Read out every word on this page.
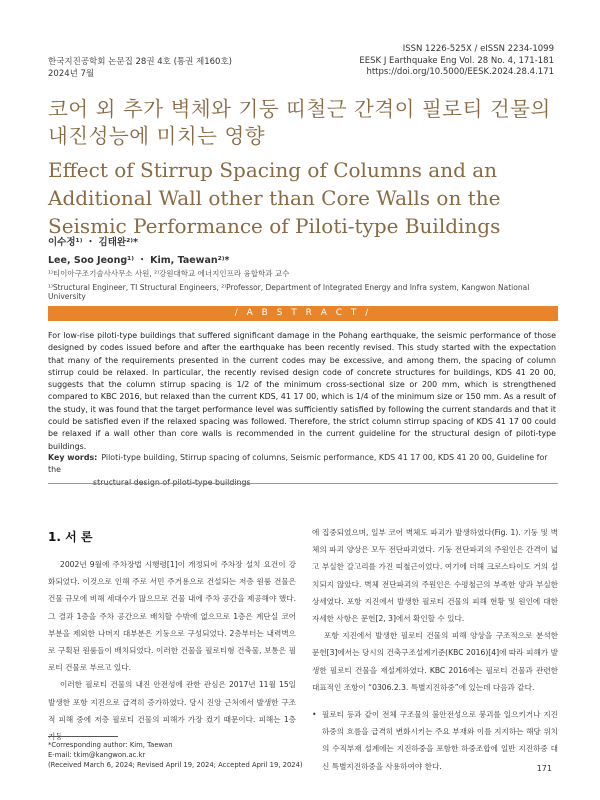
한국지진공학회 논문집 28권 4호 (통권 제160호)
2024년 7월
ISSN 1226-525X / eISSN 2234-1099
EESK J Earthquake Eng Vol. 28 No. 4, 171-181
https://doi.org/10.5000/EESK.2024.28.4.171
코어 외 추가 벽체와 기둥 띠철근 간격이 필로티 건물의 내진성능에 미치는 영향
Effect of Stirrup Spacing of Columns and an Additional Wall other than Core Walls on the Seismic Performance of Piloti-type Buildings
이수정¹⁾ ・ 김태완²⁾*
Lee, Soo Jeong¹⁾ ・ Kim, Taewan²⁾*
¹⁾티이아구조기술사사무소 사원, ²⁾강원대학교 에너지인프라 융합학과 교수
¹⁾Structural Engineer, TI Structural Engineers, ²⁾Professor, Department of Integrated Energy and Infra system, Kangwon National University
/ A B S T R A C T /
For low-rise piloti-type buildings that suffered significant damage in the Pohang earthquake, the seismic performance of those designed by codes issued before and after the earthquake has been recently revised. This study started with the expectation that many of the requirements presented in the current codes may be excessive, and among them, the spacing of column stirrup could be relaxed. In particular, the recently revised design code of concrete structures for buildings, KDS 41 20 00, suggests that the column stirrup spacing is 1/2 of the minimum cross-sectional size or 200 mm, which is strengthened compared to KBC 2016, but relaxed than the current KDS, 41 17 00, which is 1/4 of the minimum size or 150 mm. As a result of the study, it was found that the target performance level was sufficiently satisfied by following the current standards and that it could be satisfied even if the relaxed spacing was followed. Therefore, the strict column stirrup spacing of KDS 41 17 00 could be relaxed if a wall other than core walls is recommended in the current guideline for the structural design of piloti-type buildings.
Key words: Piloti-type building, Stirrup spacing of columns, Seismic performance, KDS 41 17 00, KDS 41 20 00, Guideline for the
1. 서 론

2002년 9월에 주차장법 시행령[1]이 개정되어 주차장 설치 요건이 강화되었다. 이것으로 인해 주로 서민 주거용으로 건설되는 저층 원룸 건물은 건물 규모에 비해 세대수가 많으므로 건물 내에 주차 공간을 제공해야 했다. 그 결과 1층을 주차 공간으로 배치할 수밖에 없으므로 1층은 계단실 코어 부분을 제외한 나머지 대부분은 기둥으로 구성되었다. 2층부터는 내력벽으로 구획된 원룸들이 배치되었다. 이러한 건물을 필로티형 건축물, 보통은 필로티 건물로 부르고 있다.

이러한 필로티 건물의 내진 안전성에 관한 관심은 2017년 11월 15일 발생한 포항 지진으로 급격히 증가하였다. 당시 진앙 근처에서 발생한 구조적 피해 중에 저층 필로티 건물의 피해가 가장 컸기 때문이다. 피해는 1층

에 집중되었으며, 일부 코어 벽체도 파괴가 발생하였다(Fig. 1). 기둥 및 벽체의 파괴 양상은 모두 전단파괴였다. 기둥 전단파괴의 주원인은 간격이 넓고 부실한 갈고리를 가진 띠철근이었다. 여기에 더해 크로스타이도 거의 설치되지 않았다. 벽체 전단파괴의 주원인은 수평철근의 부족한 양과 부실한 상세였다. 포항 지진에서 발생한 필로티 건물의 피해 현황 및 원인에 대한 자세한 사항은 문헌[2, 3]에서 확인할 수 있다.

포항 지진에서 발생한 필로티 건물의 피해 양상을 구조적으로 분석한 문헌[3]에서는 당시의 건축구조설계기준(KBC 2016)[4]에 따라 피해가 발생한 필로티 건물을 재설계하였다. KBC 2016에는 필로티 건물과 관련한 대표적인 조항이 “0306.2.3. 특별지진하중”에 있는데 다음과 같다.

• 필로티 등과 같이 전체 구조물의 불안전성으로 붕괴를 일으키거나 지진하중의 흐름을 급격히 변화시키는 주요 부재와 이를 지지하는 해당 위치의 수직부재 설계에는 지진하중을 포함한 하중조합에 일반 지진하중 대신 특별지진하중을 사용하여야 한다.

*Corresponding author: Kim, Taewan
E-mail: tkim@kangwon.ac.kr
(Received March 6, 2024; Revised April 19, 2024; Accepted April 19, 2024)	171
